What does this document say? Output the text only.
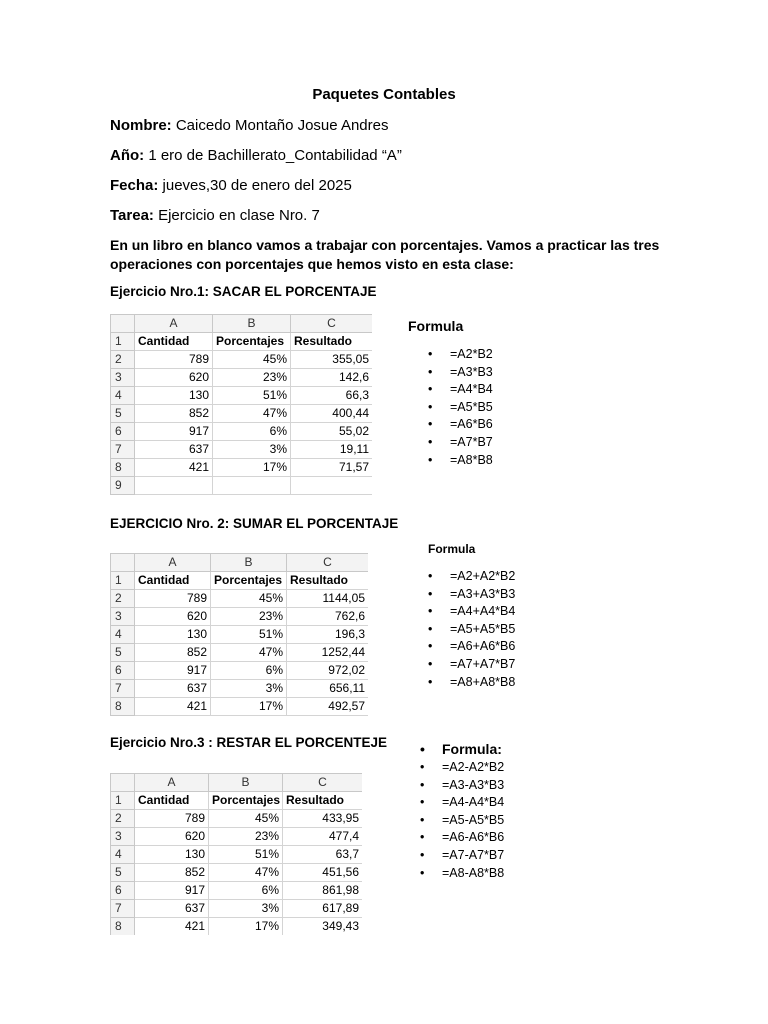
Paquetes Contables
Nombre: Caicedo Montaño Josue Andres
Año: 1 ero de Bachillerato_Contabilidad “A”
Fecha: jueves,30 de enero del 2025
Tarea: Ejercicio en clase Nro. 7
En un libro en blanco vamos a trabajar con porcentajes. Vamos a practicar las tres operaciones con porcentajes que hemos visto en esta clase:
Ejercicio Nro.1: SACAR EL PORCENTAJE
	A	B	C
1	Cantidad	Porcentajes	Resultado
2	789	45%	355,05
3	620	23%	142,6
4	130	51%	66,3
5	852	47%	400,44
6	917	6%	55,02
7	637	3%	19,11
8	421	17%	71,57
9			
Formula
• =A2*B2
• =A3*B3
• =A4*B4
• =A5*B5
• =A6*B6
• =A7*B7
• =A8*B8
EJERCICIO Nro. 2: SUMAR EL PORCENTAJE
	A	B	C
1	Cantidad	Porcentajes	Resultado
2	789	45%	1144,05
3	620	23%	762,6
4	130	51%	196,3
5	852	47%	1252,44
6	917	6%	972,02
7	637	3%	656,11
8	421	17%	492,57
Formula
• =A2+A2*B2
• =A3+A3*B3
• =A4+A4*B4
• =A5+A5*B5
• =A6+A6*B6
• =A7+A7*B7
• =A8+A8*B8
Ejercicio Nro.3 : RESTAR EL PORCENTEJE
	A	B	C
1	Cantidad	Porcentajes	Resultado
2	789	45%	433,95
3	620	23%	477,4
4	130	51%	63,7
5	852	47%	451,56
6	917	6%	861,98
7	637	3%	617,89
8	421	17%	349,43
• Formula:
• =A2-A2*B2
• =A3-A3*B3
• =A4-A4*B4
• =A5-A5*B5
• =A6-A6*B6
• =A7-A7*B7
• =A8-A8*B8
